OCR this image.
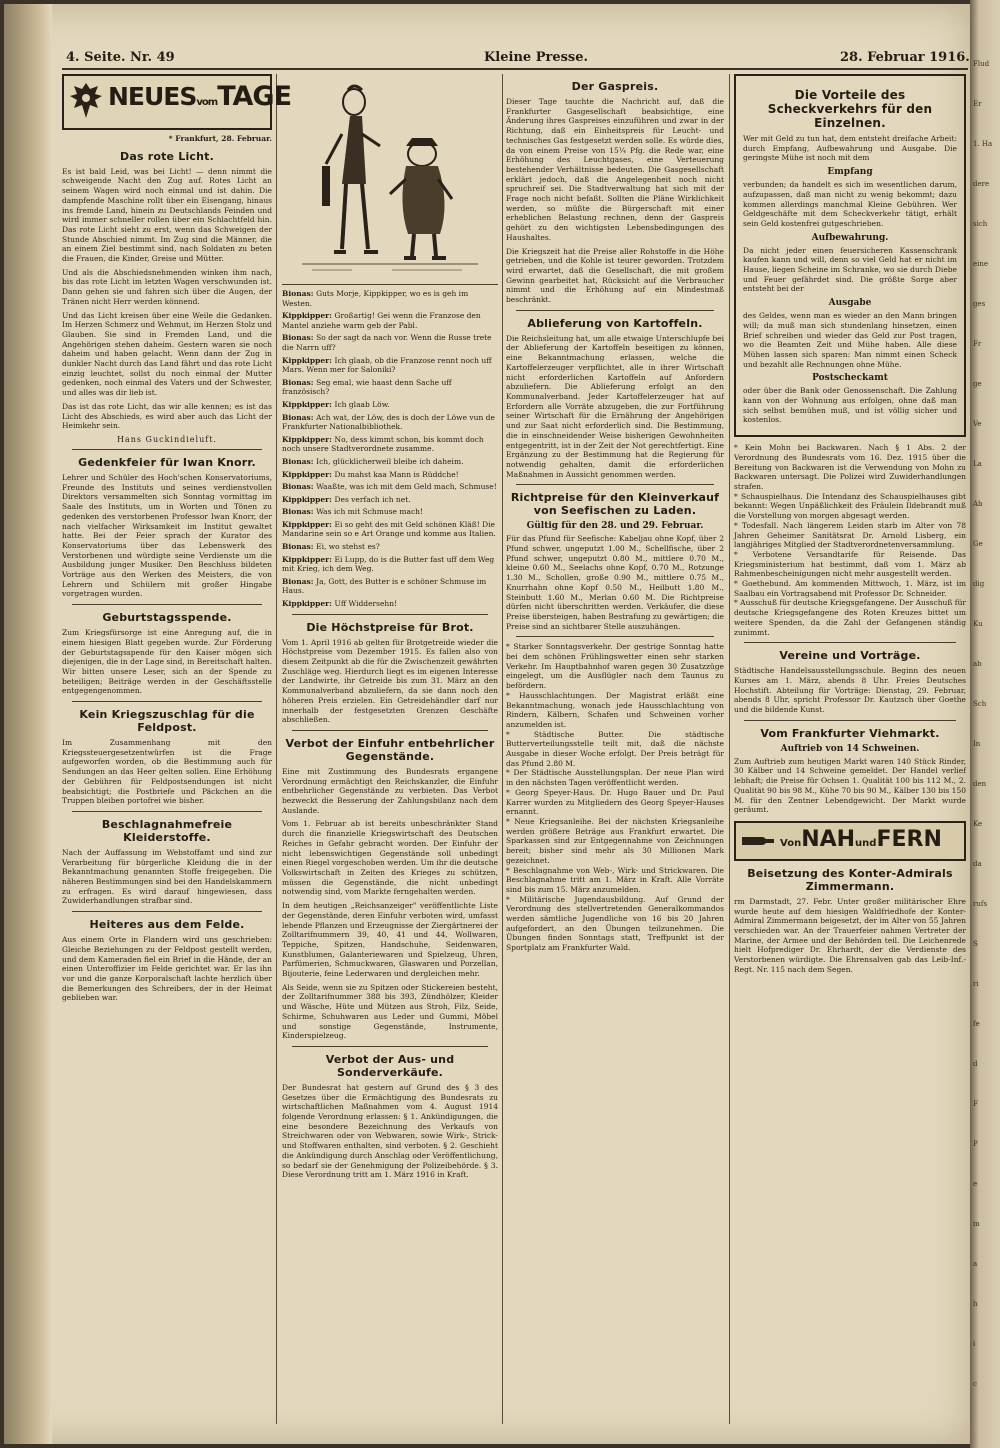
4. Seite. Nr. 49	Kleine Presse.	28. Februar 1916.
NEUESvomTAGE

* Frankfurt, 28. Februar.

Das rote Licht.

Es ist bald Leid, was bei Licht! — denn nimmt die schweigende Nacht den Zug auf. Rotes Licht an seinem Wagen wird noch einmal und ist dahin. Die dampfende Maschine rollt über ein Eisengang, hinaus ins fremde Land, hinein zu Deutschlands Feinden und wird immer schneller rollen über ein Schlachtfeld hin. Das rote Licht sieht zu erst, wenn das Schweigen der Stunde Abschied nimmt. Im Zug sind die Männer, die an einem Ziel bestimmt sind, nach Soldaten zu beten die Frauen, die Kinder, Greise und Mütter.

Und als die Abschiedsnehmenden winken ihm nach, bis das rote Licht im letzten Wagen verschwunden ist. Dann gehen sie und fahren sich über die Augen, der Tränen nicht Herr werden könnend.

Und das Licht kreisen über eine Weile die Gedanken. Im Herzen Schmerz und Wehmut, im Herzen Stolz und Glauben. Sie sind in Fremden Land, und die Angehörigen stehen daheim. Gestern waren sie noch daheim und haben gelacht. Wenn dann der Zug in dunkler Nacht durch das Land fährt und das rote Licht einzig leuchtet, sollst du noch einmal der Mutter gedenken, noch einmal des Vaters und der Schwester, und alles was dir lieb ist.

Das ist das rote Licht, das wir alle kennen; es ist das Licht des Abschieds, es wird aber auch das Licht der Heimkehr sein.

Hans Guckindieluft.
Gedenkfeier für Iwan Knorr.

Lehrer und Schüler des Hoch'schen Konservatoriums, Freunde des Instituts und seines verdienstvollen Direktors versammelten sich Sonntag vormittag im Saale des Instituts, um in Worten und Tönen zu gedenken des verstorbenen Professor Iwan Knorr, der nach vielfacher Wirksamkeit im Institut gewaltet hatte. Bei der Feier sprach der Kurator des Konservatoriums über das Lebenswerk des Verstorbenen und würdigte seine Verdienste um die Ausbildung junger Musiker. Den Beschluss bildeten Vorträge aus den Werken des Meisters, die von Lehrern und Schülern mit großer Hingabe vorgetragen wurden.

Geburtstagsspende.

Zum Kriegsfürsorge ist eine Anregung auf, die in einem hiesigen Blatt gegeben wurde. Zur Förderung der Geburtstagsspende für den Kaiser mögen sich diejenigen, die in der Lage sind, in Bereitschaft halten. Wir bitten unsere Leser, sich an der Spende zu beteiligen; Beiträge werden in der Geschäftsstelle entgegengenommen.

Kein Kriegszuschlag für die Feldpost.

Im Zusammenhang mit den Kriegssteuergesetzentwürfen ist die Frage aufgeworfen worden, ob die Bestimmung auch für Sendungen an das Heer gelten sollen. Eine Erhöhung der Gebühren für Feldpostsendungen ist nicht beabsichtigt; die Postbriefe und Päckchen an die Truppen bleiben portofrei wie bisher.

Beschlagnahmefreie Kleiderstoffe.

Nach der Auffassung im Webstoffamt und sind zur Verarbeitung für bürgerliche Kleidung die in der Bekanntmachung genannten Stoffe freigegeben. Die näheren Bestimmungen sind bei den Handelskammern zu erfragen. Es wird darauf hingewiesen, dass Zuwiderhandlungen strafbar sind.

Heiteres aus dem Felde.

Aus einem Orte in Flandern wird uns geschrieben: Gleiche Beziehungen zu der Feldpost gestellt werden, und dem Kameraden fiel ein Brief in die Hände, der an einen Unteroffizier im Felde gerichtet war. Er las ihn vor und die ganze Korporalschaft lachte herzlich über die Bemerkungen des Schreibers, der in der Heimat geblieben war.

Bionas: Guts Morje, Kippkipper, wo es is geh im Westen.

Kippkipper: Großartig! Gei wenn die Franzose den Mantel anziehe warm geb der Pabl.

Bionas: So der sagt da nach vor. Wenn die Russe trete die Narrn uff?

Kippkipper: Ich glaab, ob die Franzose rennt noch uff Mars. Wenn mer for Saloniki?

Bionas: Seg emal, wie haast denn Sache uff französisch?

Kippkipper: Ich glaab Löw.

Bionas: Ach wat, der Löw, des is doch der Löwe vun de Frankfurter Nationalbibliothek.

Kippkipper: No, dess kimmt schon, bis kommt doch noch unsere Stadtverordnete zusamme.

Bionas: Ich, glücklicherweil bleibe ich daheim.

Kippkipper: Du mahst kaa Mann is Rüddche!

Bionas: Waaßte, was ich mit dem Geld mach, Schmuse!

Kippkipper: Des verfach ich net.

Bionas: Was ich mit Schmuse mach!

Kippkipper: Ei so geht des mit Geld schönen Kläß! Die Mandarine sein so e Art Orange und komme aus Italien.

Bionas: Ei, wo stehst es?

Kippkipper: Ei Lupp, do is die Butter fast uff dem Weg mit Krieg, ich dem Weg.

Bionas: Ja, Gott, des Butter is e schöner Schmuse im Haus.

Kippkipper: Uff Widdersehn!

Die Höchstpreise für Brot.

Vom 1. April 1916 ab gelten für Brotgetreide wieder die Höchstpreise vom Dezember 1915. Es fallen also von diesem Zeitpunkt ab die für die Zwischenzeit gewährten Zuschläge weg. Hierdurch liegt es im eigenen Interesse der Landwirte, ihr Getreide bis zum 31. März an den Kommunalverband abzuliefern, da sie dann noch den höheren Preis erzielen. Ein Getreidehändler darf nur innerhalb der festgesetzten Grenzen Geschäfte abschließen.

Verbot der Einfuhr entbehrlicher Gegenstände.

Eine mit Zustimmung des Bundesrats ergangene Verordnung ermächtigt den Reichskanzler, die Einfuhr entbehrlicher Gegenstände zu verbieten. Das Verbot bezweckt die Besserung der Zahlungsbilanz nach dem Auslande.

Vom 1. Februar ab ist bereits unbeschränkter Stand durch die finanzielle Kriegswirtschaft des Deutschen Reiches in Gefahr gebracht worden. Der Einfuhr der nicht lebenswichtigen Gegenstände soll unbedingt einen Riegel vorgeschoben werden. Um ihr die deutsche Volkswirtschaft in Zeiten des Krieges zu schützen, müssen die Gegenstände, die nicht unbedingt notwendig sind, vom Markte ferngehalten werden.

In dem heutigen „Reichsanzeiger" veröffentlichte Liste der Gegenstände, deren Einfuhr verboten wird, umfasst lebende Pflanzen und Erzeugnisse der Ziergärtnerei der Zolltarifnummern 39, 40, 41 und 44, Wollwaren, Teppiche, Spitzen, Handschuhe, Seidenwaren, Kunstblumen, Galanteriewaren und Spielzeug, Uhren, Parfümerien, Schmuckwaren, Glaswaren und Porzellan, Bijouterie, feine Lederwaren und dergleichen mehr.

Als Seide, wenn sie zu Spitzen oder Stickereien besteht, der Zolltarifnummer 388 bis 393, Zündhölzer, Kleider und Wäsche, Hüte und Mützen aus Stroh, Filz, Seide, Schirme, Schuhwaren aus Leder und Gummi, Möbel und sonstige Gegenstände, Instrumente, Kinderspielzeug.

Verbot der Aus- und Sonderverkäufe.

Der Bundesrat hat gestern auf Grund des § 3 des Gesetzes über die Ermächtigung des Bundesrats zu wirtschaftlichen Maßnahmen vom 4. August 1914 folgende Verordnung erlassen: § 1. Ankündigungen, die eine besondere Bezeichnung des Verkaufs von Streichwaren oder von Webwaren, sowie Wirk-, Strick- und Stoffwaren enthalten, sind verboten. § 2. Geschieht die Ankündigung durch Anschlag oder Veröffentlichung, so bedarf sie der Genehmigung der Polizeibehörde. § 3. Diese Verordnung tritt am 1. März 1916 in Kraft.

Der Gaspreis.

Dieser Tage tauchte die Nachricht auf, daß die Frankfurter Gasgesellschaft beabsichtige, eine Änderung ihres Gaspreises einzuführen und zwar in der Richtung, daß ein Einheitspreis für Leucht- und technisches Gas festgesetzt werden solle. Es würde dies, da von einem Preise von 15¼ Pfg. die Rede war, eine Erhöhung des Leuchtgases, eine Verteuerung bestehender Verhältnisse bedeuten. Die Gasgesellschaft erklärt jedoch, daß die Angelegenheit noch nicht spruchreif sei. Die Stadtverwaltung hat sich mit der Frage noch nicht befaßt. Sollten die Pläne Wirklichkeit werden, so müßte die Bürgerschaft mit einer erheblichen Belastung rechnen, denn der Gaspreis gehört zu den wichtigsten Lebensbedingungen des Haushaltes.

Die Kriegszeit hat die Preise aller Rohstoffe in die Höhe getrieben, und die Kohle ist teurer geworden. Trotzdem wird erwartet, daß die Gesellschaft, die mit großem Gewinn gearbeitet hat, Rücksicht auf die Verbraucher nimmt und die Erhöhung auf ein Mindestmaß beschränkt.

Ablieferung von Kartoffeln.

Die Reichsleitung hat, um alle etwaige Unterschlupfe bei der Ablieferung der Kartoffeln beseitigen zu können, eine Bekanntmachung erlassen, welche die Kartoffelerzeuger verpflichtet, alle in ihrer Wirtschaft nicht erforderlichen Kartoffeln auf Anfordern abzuliefern. Die Ablieferung erfolgt an den Kommunalverband. Jeder Kartoffelerzeuger hat auf Erfordern alle Vorräte abzugeben, die zur Fortführung seiner Wirtschaft für die Ernährung der Angehörigen und zur Saat nicht erforderlich sind. Die Bestimmung, die in einschneidender Weise bisherigen Gewohnheiten entgegentritt, ist in der Zeit der Not gerechtfertigt. Eine Ergänzung zu der Bestimmung hat die Regierung für notwendig gehalten, damit die erforderlichen Maßnahmen in Aussicht genommen werden.

Richtpreise für den Kleinverkauf von Seefischen zu Laden.
Gültig für den 28. und 29. Februar.

Für das Pfund für Seefische: Kabeljau ohne Kopf, über 2 Pfund schwer, ungeputzt 1.00 M., Schellfische, über 2 Pfund schwer, ungeputzt 0.80 M., mittlere 0.70 M., kleine 0.60 M., Seelachs ohne Kopf, 0.70 M., Rotzunge 1.30 M., Schollen, große 0.90 M., mittlere 0.75 M., Knurrhahn ohne Kopf 0.50 M., Heilbutt 1.80 M., Steinbutt 1.60 M., Merlan 0.60 M. Die Richtpreise dürfen nicht überschritten werden. Verkäufer, die diese Preise übersteigen, haben Bestrafung zu gewärtigen; die Preise sind an sichtbarer Stelle auszuhängen.

* Starker Sonntagsverkehr. Der gestrige Sonntag hatte bei dem schönen Frühlingswetter einen sehr starken Verkehr. Im Hauptbahnhof waren gegen 30 Zusatzzüge eingelegt, um die Ausflügler nach dem Taunus zu befördern.
* Hausschlachtungen. Der Magistrat erläßt eine Bekanntmachung, wonach jede Hausschlachtung von Rindern, Kälbern, Schafen und Schweinen vorher anzumelden ist.
* Städtische Butter. Die städtische Butterverteilungsstelle teilt mit, daß die nächste Ausgabe in dieser Woche erfolgt. Der Preis beträgt für das Pfund 2.80 M.
* Der Städtische Ausstellungsplan. Der neue Plan wird in den nächsten Tagen veröffentlicht werden.
* Georg Speyer-Haus. Dr. Hugo Bauer und Dr. Paul Karrer wurden zu Mitgliedern des Georg Speyer-Hauses ernannt.
* Neue Kriegsanleihe. Bei der nächsten Kriegsanleihe werden größere Beträge aus Frankfurt erwartet. Die Sparkassen sind zur Entgegennahme von Zeichnungen bereit; bisher sind mehr als 30 Millionen Mark gezeichnet.
* Beschlagnahme von Web-, Wirk- und Strickwaren. Die Beschlagnahme tritt am 1. März in Kraft. Alle Vorräte sind bis zum 15. März anzumelden.
* Militärische Jugendausbildung. Auf Grund der Verordnung des stellvertretenden Generalkommandos werden sämtliche Jugendliche von 16 bis 20 Jahren aufgefordert, an den Übungen teilzunehmen. Die Übungen finden Sonntags statt, Treffpunkt ist der Sportplatz am Frankfurter Wald.

Die Vorteile des Scheckverkehrs für den Einzelnen.

Wer mit Geld zu tun hat, dem entsteht dreifache Arbeit: durch Empfang, Aufbewahrung und Ausgabe. Die geringste Mühe ist noch mit dem

Empfang

verbunden; da handelt es sich im wesentlichen darum, aufzupassen, daß man nicht zu wenig bekommt; dazu kommen allerdings manchmal Kleine Gebühren. Wer Geldgeschäfte mit dem Scheckverkehr tätigt, erhält sein Geld kostenfrei gutgeschrieben.

Aufbewahrung.

Da nicht jeder einen feuersicheren Kassenschrank kaufen kann und will, denn so viel Geld hat er nicht im Hause, liegen Scheine im Schranke, wo sie durch Diebe und Feuer gefährdet sind. Die größte Sorge aber entsteht bei der

Ausgabe

des Geldes, wenn man es wieder an den Mann bringen will; da muß man sich stundenlang hinsetzen, einen Brief schreiben und wieder das Geld zur Post tragen, wo die Beamten Zeit und Mühe haben. Alle diese Mühen lassen sich sparen: Man nimmt einen Scheck und bezahlt alle Rechnungen ohne Mühe.

Postscheckamt

oder über die Bank oder Genossenschaft. Die Zahlung kann von der Wohnung aus erfolgen, ohne daß man sich selbst bemühen muß, und ist völlig sicher und kostenlos.

* Kein Mohn bei Backwaren. Nach § 1 Abs. 2 der Verordnung des Bundesrats vom 16. Dez. 1915 über die Bereitung von Backwaren ist die Verwendung von Mohn zu Backwaren untersagt. Die Polizei wird Zuwiderhandlungen strafen.
* Schauspielhaus. Die Intendanz des Schauspielhauses gibt bekannt: Wegen Unpäßlichkeit des Fräulein Ildebrandt muß die Vorstellung von morgen abgesagt werden.
* Todesfall. Nach längerem Leiden starb im Alter von 78 Jahren Geheimer Sanitätsrat Dr. Arnold Lisberg, ein langjähriges Mitglied der Stadtverordnetenversammlung.
* Verbotene Versandtarife für Reisende. Das Kriegsministerium hat bestimmt, daß vom 1. März ab Rahmenbescheinigungen nicht mehr ausgestellt werden.
* Goethebund. Am kommenden Mittwoch, 1. März, ist im Saalbau ein Vortragsabend mit Professor Dr. Schneider.
* Ausschuß für deutsche Kriegsgefangene. Der Ausschuß für deutsche Kriegsgefangene des Roten Kreuzes bittet um weitere Spenden, da die Zahl der Gefangenen ständig zunimmt.

Vereine und Vorträge.

Städtische Handelsausstellungsschule. Beginn des neuen Kurses am 1. März, abends 8 Uhr. Freies Deutsches Hochstift. Abteilung für Vorträge: Dienstag, 29. Februar, abends 8 Uhr, spricht Professor Dr. Kautzsch über Goethe und die bildende Kunst.

Vom Frankfurter Viehmarkt.
Auftrieb von 14 Schweinen.

Zum Auftrieb zum heutigen Markt waren 140 Stück Rinder, 30 Kälber und 14 Schweine gemeldet. Der Handel verlief lebhaft; die Preise für Ochsen 1. Qualität 100 bis 112 M., 2. Qualität 90 bis 98 M., Kühe 70 bis 90 M., Kälber 130 bis 150 M. für den Zentner Lebendgewicht. Der Markt wurde geräumt.

VonNAHundFERN
Beisetzung des Konter-Admirals Zimmermann.

rm Darmstadt, 27. Febr. Unter großer militärischer Ehre wurde heute auf dem hiesigen Waldfriedhofe der Konter-Admiral Zimmermann beigesetzt, der im Alter von 55 Jahren verschieden war. An der Trauerfeier nahmen Vertreter der Marine, der Armee und der Behörden teil. Die Leichenrede hielt Hofprediger Dr. Ehrhardt, der die Verdienste des Verstorbenen würdigte. Die Ehrensalven gab das Leib-Inf.-Regt. Nr. 115 nach dem Segen.

Flud
Er
1. Ha
dere
sich
eine
ges
Fr
ge
Ve
La
Ab
Ge
dig
Ku
ab
Sch
In
den
Ke
da
rufs
S
ri
fe
d
F
P
e
m
a
h
i
c
